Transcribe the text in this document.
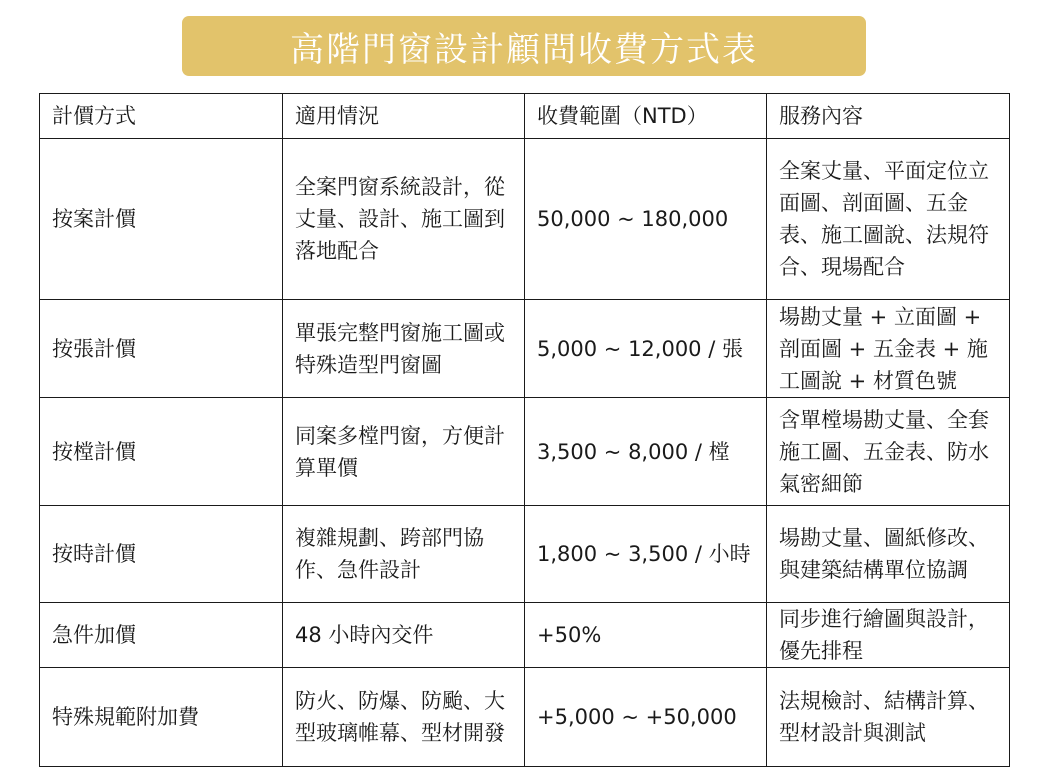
高階門窗設計顧問收費方式表
計價方式	適用情況	收費範圍（NTD）	服務內容
按案計價	全案門窗系統設計，從丈量、設計、施工圖到落地配合	50,000 ~ 180,000	全案丈量、平面定位立面圖、剖面圖、五金表、施工圖說、法規符合、現場配合
按張計價	單張完整門窗施工圖或特殊造型門窗圖	5,000 ~ 12,000 / 張	場勘丈量 + 立面圖 + 剖面圖 + 五金表 + 施工圖說 + 材質色號
按樘計價	同案多樘門窗，方便計算單價	3,500 ~ 8,000 / 樘	含單樘場勘丈量、全套施工圖、五金表、防水氣密細節
按時計價	複雜規劃、跨部門協作、急件設計	1,800 ~ 3,500 / 小時	場勘丈量、圖紙修改、與建築結構單位協調
急件加價	48 小時內交件	+50%	同步進行繪圖與設計，優先排程
特殊規範附加費	防火、防爆、防颱、大型玻璃帷幕、型材開發	+5,000 ~ +50,000	法規檢討、結構計算、型材設計與測試
